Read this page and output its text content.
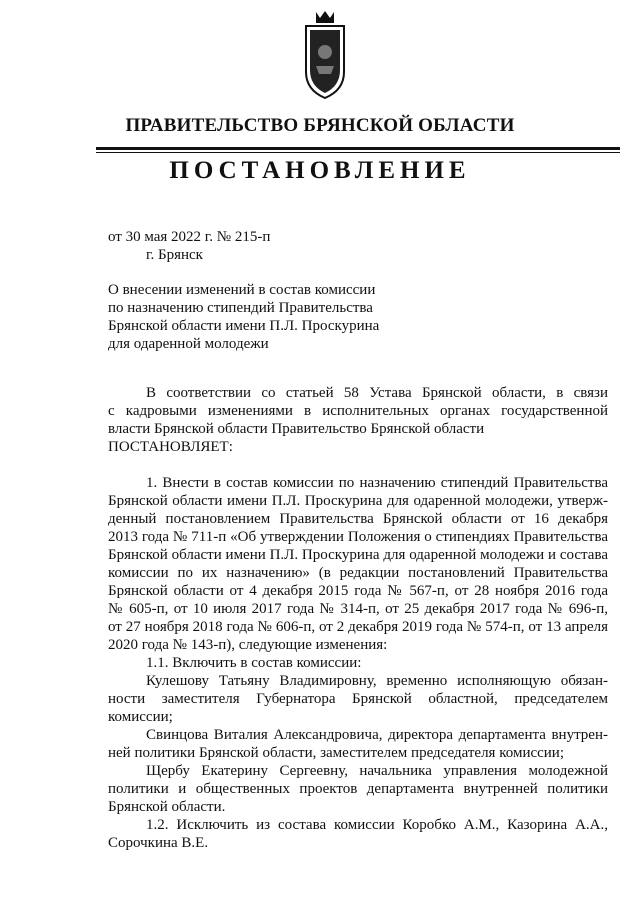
ПРАВИТЕЛЬСТВО БРЯНСКОЙ ОБЛАСТИ
ПОСТАНОВЛЕНИЕ
от 30 мая 2022 г. № 215-п
г. Брянск
О внесении изменений в состав комиссии
по назначению стипендий Правительства
Брянской области имени П.Л. Проскурина
для одаренной молодежи
В соответствии со статьей 58 Устава Брянской области, в связи
с кадровыми изменениями в исполнительных органах государственной
власти Брянской области Правительство Брянской области
ПОСТАНОВЛЯЕТ:
1. Внести в состав комиссии по назначению стипендий Правительства
Брянской области имени П.Л. Проскурина для одаренной молодежи, утверж-
денный постановлением Правительства Брянской области от 16 декабря
2013 года № 711-п «Об утверждении Положения о стипендиях Правительства
Брянской области имени П.Л. Проскурина для одаренной молодежи и состава
комиссии по их назначению» (в редакции постановлений Правительства
Брянской области от 4 декабря 2015 года № 567-п, от 28 ноября 2016 года
№ 605-п, от 10 июля 2017 года № 314-п, от 25 декабря 2017 года № 696-п,
от 27 ноября 2018 года № 606-п, от 2 декабря 2019 года № 574-п, от 13 апреля
2020 года № 143-п), следующие изменения:
1.1. Включить в состав комиссии:
Кулешову Татьяну Владимировну, временно исполняющую обязан-
ности заместителя Губернатора Брянской областной, председателем
комиссии;
Свинцова Виталия Александровича, директора департамента внутрен-
ней политики Брянской области, заместителем председателя комиссии;
Щербу Екатерину Сергеевну, начальника управления молодежной
политики и общественных проектов департамента внутренней политики
Брянской области.
1.2. Исключить из состава комиссии Коробко А.М., Казорина А.А.,
Сорочкина В.Е.
